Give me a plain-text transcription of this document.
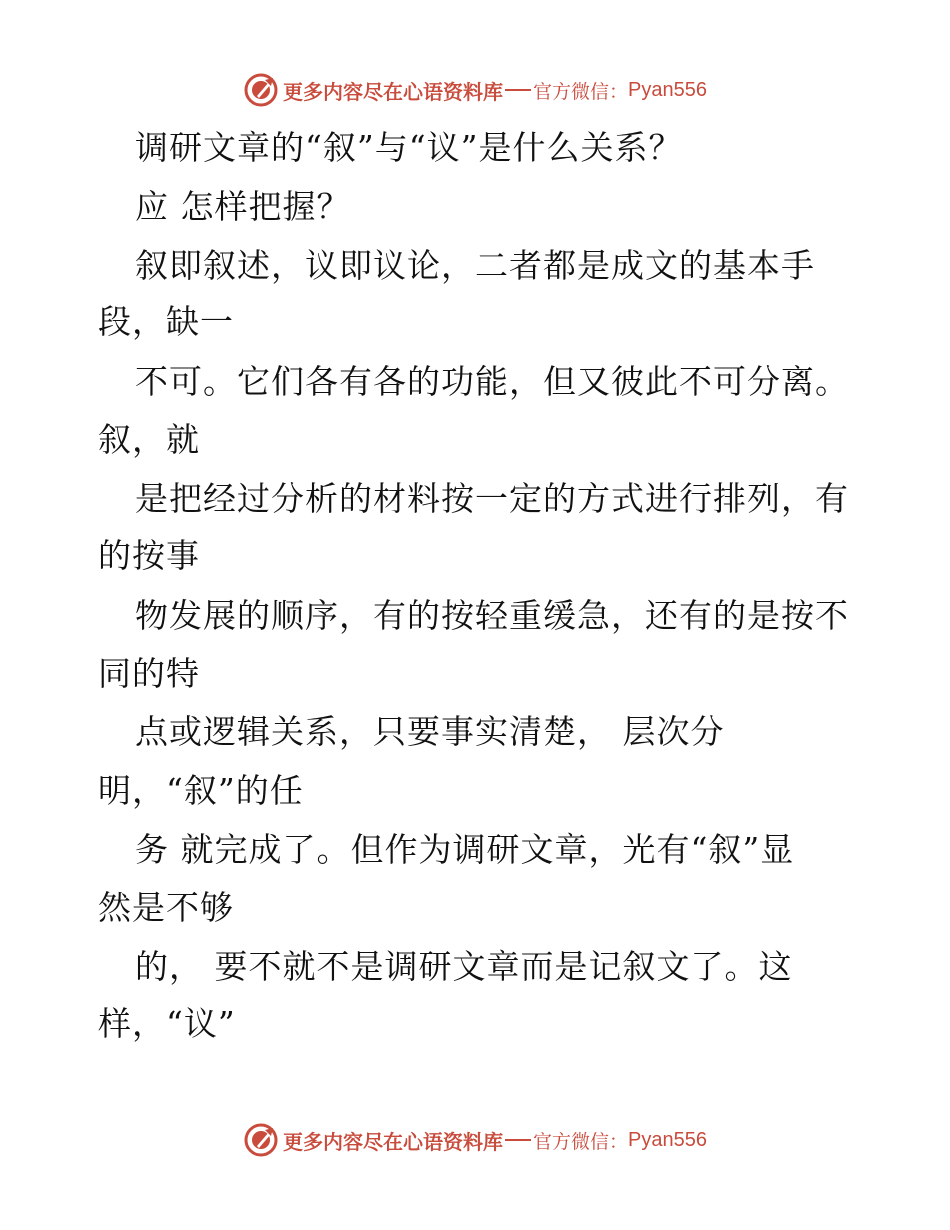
更多内容尽在心语资料库 官方微信： Pyan556
调研文章的“叙”与“议”是什么关系？
应 怎样把握？
叙即叙述，议即议论，二者都是成文的基本手
段，缺一
不可。它们各有各的功能，但又彼此不可分离。
叙，就
是把经过分析的材料按一定的方式进行排列，有
的按事
物发展的顺序，有的按轻重缓急，还有的是按不
同的特
点或逻辑关系，只要事实清楚， 层次分
明，“叙”的任
务 就完成了。但作为调研文章，光有“叙”显
然是不够
的， 要不就不是调研文章而是记叙文了。这
样，“议”
更多内容尽在心语资料库 官方微信： Pyan556
